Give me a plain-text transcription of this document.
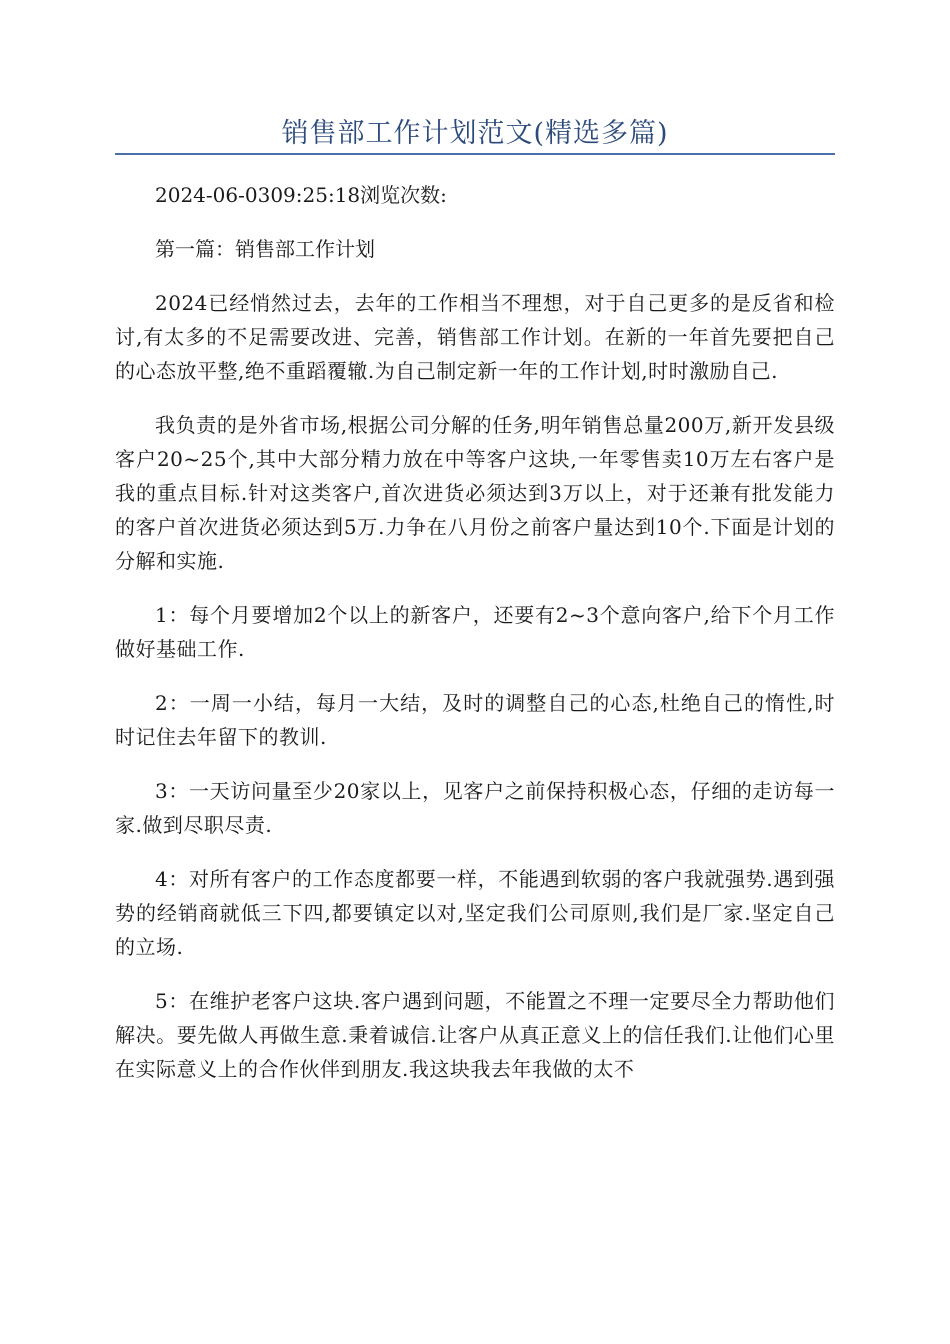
销售部工作计划范文(精选多篇)

2024-06-0309:25:18浏览次数:

第一篇：销售部工作计划

2024已经悄然过去，去年的工作相当不理想，对于自己更多的是反省和检讨,有太多的不足需要改进、完善，销售部工作计划。在新的一年首先要把自己的心态放平整,绝不重蹈覆辙.为自己制定新一年的工作计划,时时激励自己.

我负责的是外省市场,根据公司分解的任务,明年销售总量200万,新开发县级客户20~25个,其中大部分精力放在中等客户这块,一年零售卖10万左右客户是我的重点目标.针对这类客户,首次进货必须达到3万以上，对于还兼有批发能力的客户首次进货必须达到5万.力争在八月份之前客户量达到10个.下面是计划的分解和实施.

1：每个月要增加2个以上的新客户，还要有2~3个意向客户,给下个月工作做好基础工作.

2：一周一小结，每月一大结，及时的调整自己的心态,杜绝自己的惰性,时时记住去年留下的教训.

3：一天访问量至少20家以上，见客户之前保持积极心态，仔细的走访每一家.做到尽职尽责.

4：对所有客户的工作态度都要一样，不能遇到软弱的客户我就强势.遇到强势的经销商就低三下四,都要镇定以对,坚定我们公司原则,我们是厂家.坚定自己的立场.

5：在维护老客户这块.客户遇到问题，不能置之不理一定要尽全力帮助他们解决。要先做人再做生意.秉着诚信.让客户从真正意义上的信任我们.让他们心里在实际意义上的合作伙伴到朋友.我这块我去年我做的太不
